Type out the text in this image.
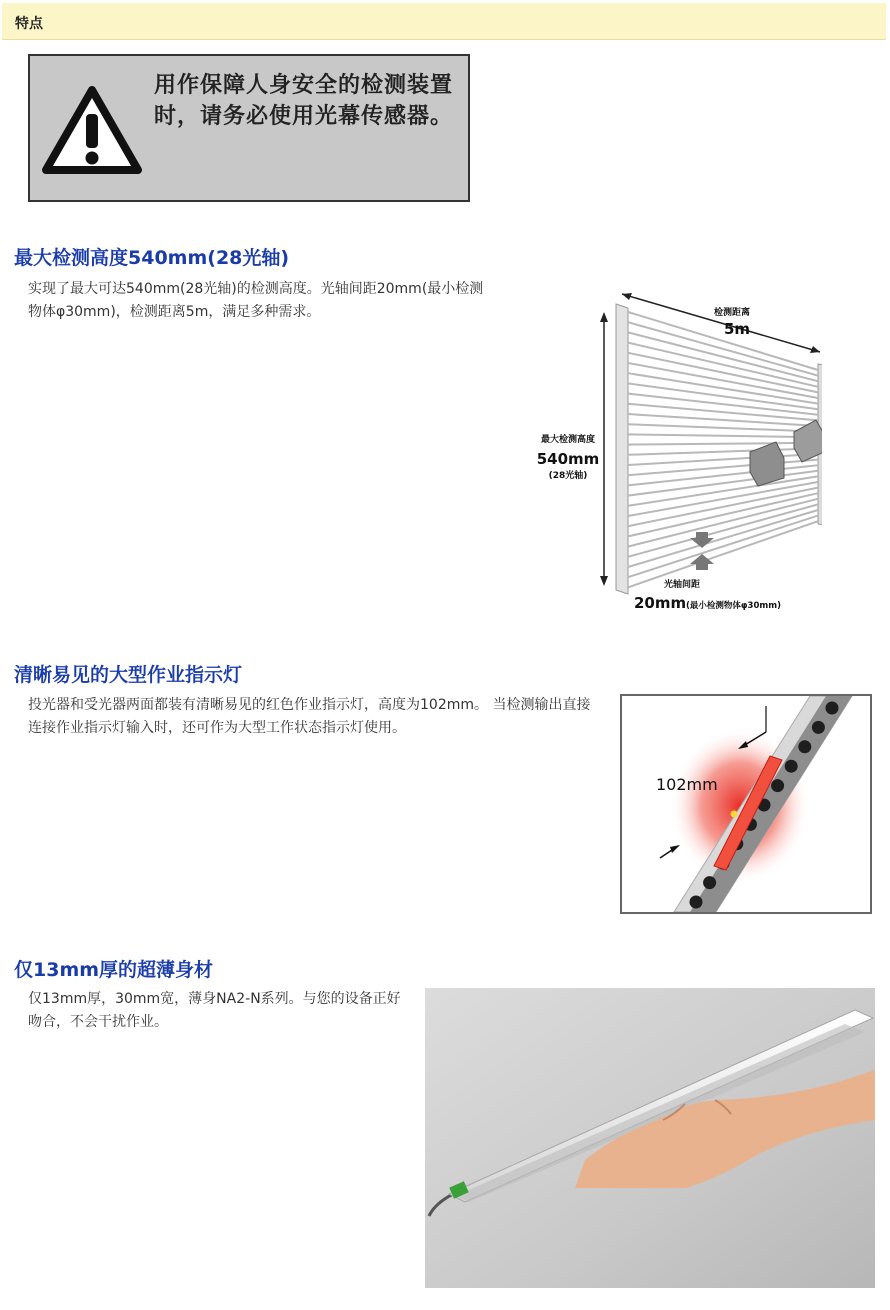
特点
用作保障人身安全的检测装置时，请务必使用光幕传感器。
最大检测高度540mm(28光轴)

实现了最大可达540mm(28光轴)的检测高度。光轴间距20mm(最小检测物体φ30mm)，检测距离5m，满足多种需求。	检测距离
5m
最大检测高度
540mm
(28光轴)
光轴间距
20mm (最小检测物体φ30mm)
清晰易见的大型作业指示灯

投光器和受光器两面都装有清晰易见的红色作业指示灯，高度为102mm。 当检测输出直接连接作业指示灯输入时，还可作为大型工作状态指示灯使用。

102mm
仅13mm厚的超薄身材

仅13mm厚，30mm宽，薄身NA2-N系列。与您的设备正好吻合，不会干扰作业。
